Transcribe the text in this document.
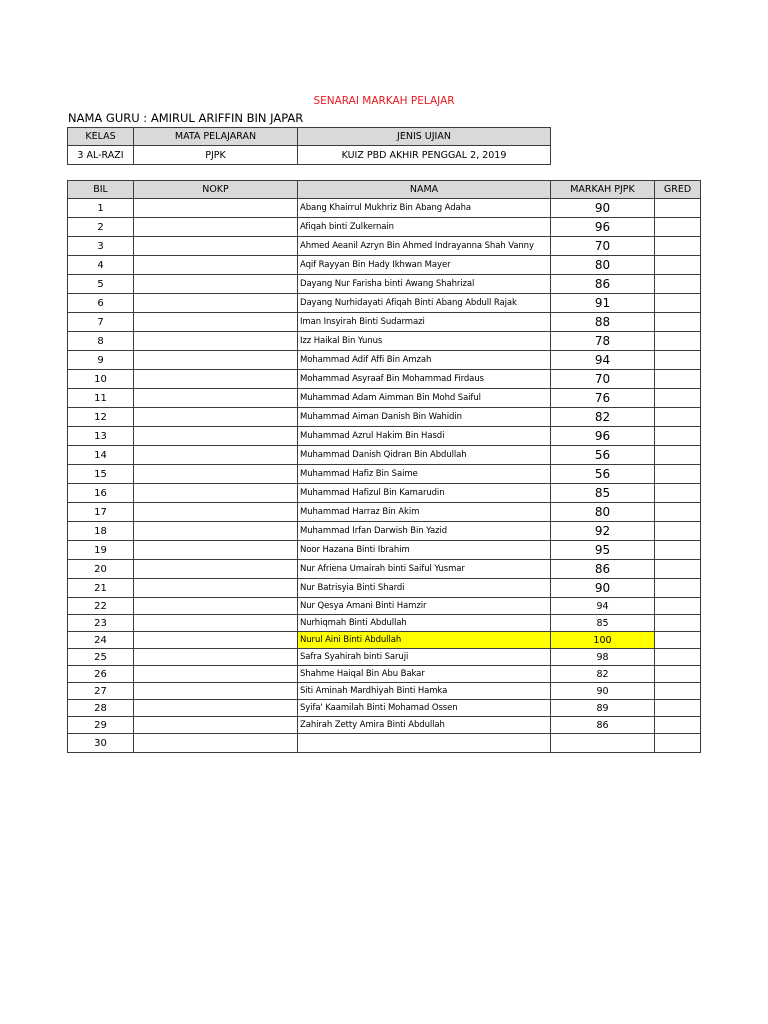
SENARAI MARKAH PELAJAR
NAMA GURU : AMIRUL ARIFFIN BIN JAPAR
KELAS	MATA PELAJARAN	JENIS UJIAN
3 AL-RAZI	PJPK	KUIZ PBD AKHIR PENGGAL 2, 2019
BIL	NOKP	NAMA	MARKAH PJPK	GRED
1		Abang Khairrul Mukhriz Bin Abang Adaha	90	
2		Afiqah binti Zulkernain	96	
3		Ahmed Aeanil Azryn Bin Ahmed Indrayanna Shah Vanny	70	
4		Aqif Rayyan Bin Hady Ikhwan Mayer	80	
5		Dayang Nur Farisha binti Awang Shahrizal	86	
6		Dayang Nurhidayati Afiqah Binti Abang Abdull Rajak	91	
7		Iman Insyirah Binti Sudarmazi	88	
8		Izz Haikal Bin Yunus	78	
9		Mohammad Adif Affi Bin Amzah	94	
10		Mohammad Asyraaf Bin Mohammad Firdaus	70	
11		Muhammad Adam Aimman Bin Mohd Saiful	76	
12		Muhammad Aiman Danish Bin Wahidin	82	
13		Muhammad Azrul Hakim Bin Hasdi	96	
14		Muhammad Danish Qidran Bin Abdullah	56	
15		Muhammad Hafiz Bin Saime	56	
16		Muhammad Hafizul Bin Kamarudin	85	
17		Muhammad Harraz Bin Akim	80	
18		Muhammad Irfan Darwish Bin Yazid	92	
19		Noor Hazana Binti Ibrahim	95	
20		Nur Afriena Umairah binti Saiful Yusmar	86	
21		Nur Batrisyia Binti Shardi	90	
22		Nur Qesya Amani Binti Hamzir	94	
23		Nurhiqmah Binti Abdullah	85	
24		Nurul Aini Binti Abdullah	100	
25		Safra Syahirah binti Saruji	98	
26		Shahme Haiqal Bin Abu Bakar	82	
27		Siti Aminah Mardhiyah Binti Hamka	90	
28		Syifa' Kaamilah Binti Mohamad Ossen	89	
29		Zahirah Zetty Amira Binti Abdullah	86	
30				
